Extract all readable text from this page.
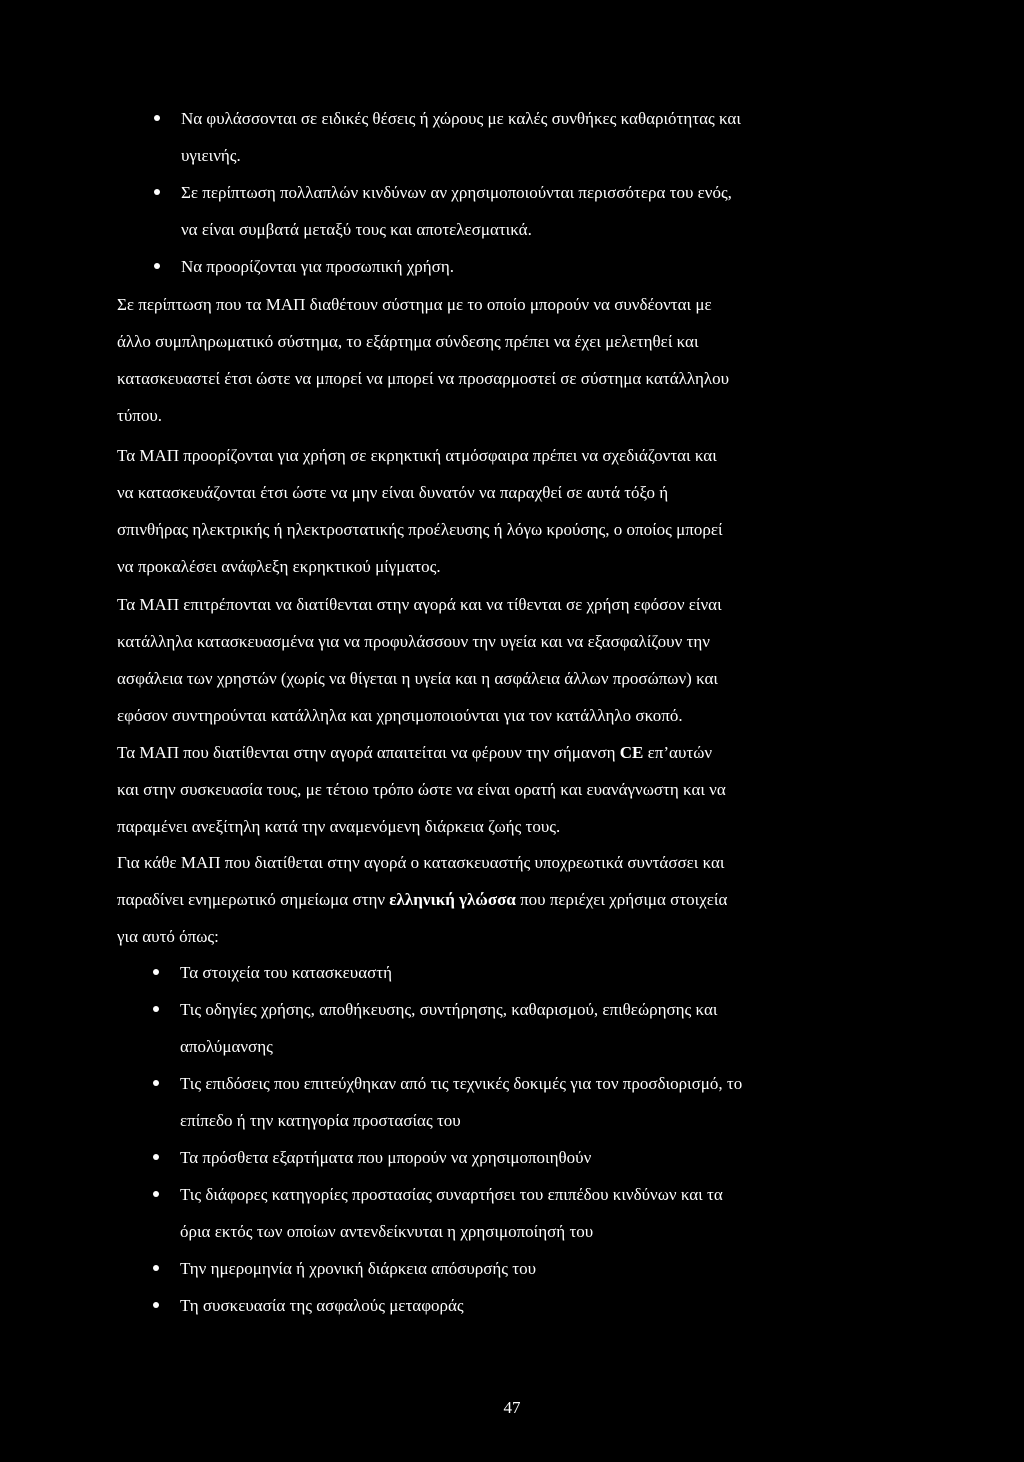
Να φυλάσσονται σε ειδικές θέσεις ή χώρους με καλές συνθήκες καθαριότητας και
υγιεινής.
Σε περίπτωση πολλαπλών κινδύνων αν χρησιμοποιούνται περισσότερα του ενός,
να είναι συμβατά μεταξύ τους και αποτελεσματικά.
Να προορίζονται για προσωπική χρήση.
Σε περίπτωση που τα ΜΑΠ διαθέτουν σύστημα με το οποίο μπορούν να συνδέονται με
άλλο συμπληρωματικό σύστημα, το εξάρτημα σύνδεσης πρέπει να έχει μελετηθεί και
κατασκευαστεί έτσι ώστε να μπορεί να μπορεί να προσαρμοστεί σε σύστημα κατάλληλου
τύπου.
Τα ΜΑΠ προορίζονται για χρήση σε εκρηκτική ατμόσφαιρα πρέπει να σχεδιάζονται και
να κατασκευάζονται έτσι ώστε να μην είναι δυνατόν να παραχθεί σε αυτά τόξο ή
σπινθήρας ηλεκτρικής ή ηλεκτροστατικής προέλευσης ή λόγω κρούσης, ο οποίος μπορεί
να προκαλέσει ανάφλεξη εκρηκτικού μίγματος.
Τα ΜΑΠ επιτρέπονται να διατίθενται στην αγορά και να τίθενται σε χρήση εφόσον είναι
κατάλληλα κατασκευασμένα για να προφυλάσσουν την υγεία και να εξασφαλίζουν την
ασφάλεια των χρηστών (χωρίς να θίγεται η υγεία και η ασφάλεια άλλων προσώπων) και
εφόσον συντηρούνται κατάλληλα και χρησιμοποιούνται για τον κατάλληλο σκοπό.
Τα ΜΑΠ που διατίθενται στην αγορά απαιτείται να φέρουν την σήμανση CE επ’αυτών
και στην συσκευασία τους, με τέτοιο τρόπο ώστε να είναι ορατή και ευανάγνωστη και να
παραμένει ανεξίτηλη κατά την αναμενόμενη διάρκεια ζωής τους.
Για κάθε ΜΑΠ που διατίθεται στην αγορά ο κατασκευαστής υποχρεωτικά συντάσσει και
παραδίνει ενημερωτικό σημείωμα στην ελληνική γλώσσα που περιέχει χρήσιμα στοιχεία
για αυτό όπως:
Τα στοιχεία του κατασκευαστή
Τις οδηγίες χρήσης, αποθήκευσης, συντήρησης, καθαρισμού, επιθεώρησης και
απολύμανσης
Τις επιδόσεις που επιτεύχθηκαν από τις τεχνικές δοκιμές για τον προσδιορισμό, το
επίπεδο ή την κατηγορία προστασίας του
Τα πρόσθετα εξαρτήματα που μπορούν να χρησιμοποιηθούν
Τις διάφορες κατηγορίες προστασίας συναρτήσει του επιπέδου κινδύνων και τα
όρια εκτός των οποίων αντενδείκνυται η χρησιμοποίησή του
Την ημερομηνία ή χρονική διάρκεια απόσυρσής του
Τη συσκευασία της ασφαλούς μεταφοράς
47
